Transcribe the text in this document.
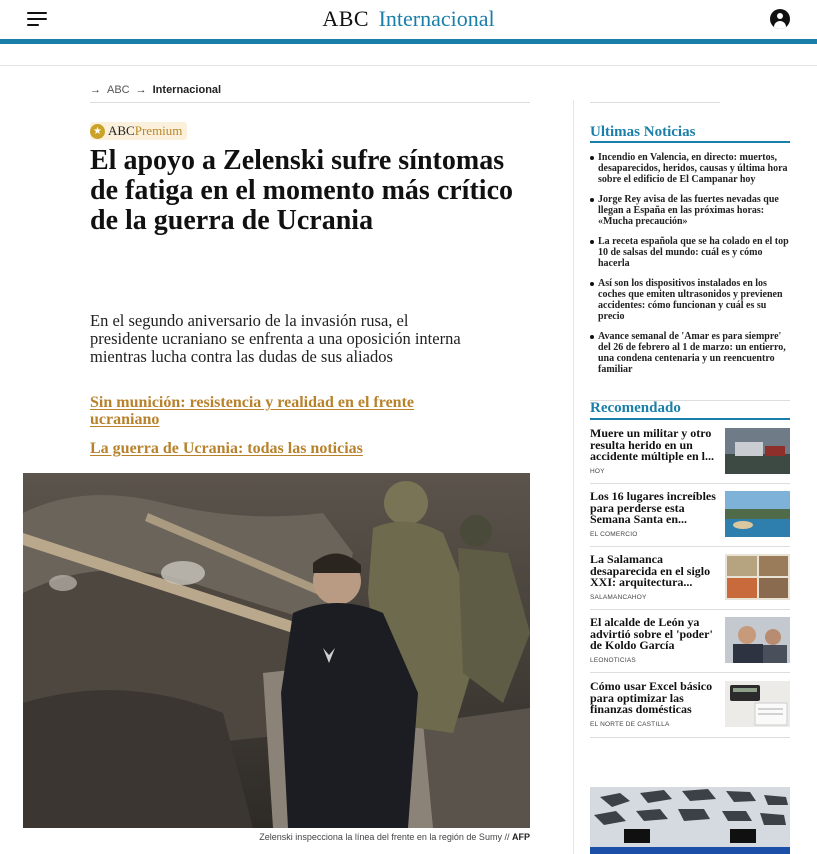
ABC Internacional
→ ABC → Internacional
★ ABC Premium
El apoyo a Zelenski sufre síntomas de fatiga en el momento más crítico de la guerra de Ucrania

En el segundo aniversario de la invasión rusa, el presidente ucraniano se enfrenta a una oposición interna mientras lucha contra las dudas de sus aliados

Sin munición: resistencia y realidad en el frente ucraniano
La guerra de Ucrania: todas las noticias
Zelenski inspecciona la línea del frente en la región de Sumy // AFP
Ultimas Noticias
Incendio en Valencia, en directo: muertos, desaparecidos, heridos, causas y última hora sobre el edificio de El Campanar hoy
Jorge Rey avisa de las fuertes nevadas que llegan a España en las próximas horas: «Mucha precaución»
La receta española que se ha colado en el top 10 de salsas del mundo: cuál es y cómo hacerla
Así son los dispositivos instalados en los coches que emiten ultrasonidos y previenen accidentes: cómo funcionan y cuál es su precio
Avance semanal de 'Amar es para siempre' del 26 de febrero al 1 de marzo: un entierro, una condena centenaria y un reencuentro familiar
Recomendado
Muere un militar y otro resulta herido en un accidente múltiple en l...
HOY
Los 16 lugares increíbles para perderse esta Semana Santa en...
EL COMERCIO
La Salamanca desaparecida en el siglo XXI: arquitectura...
SALAMANCAHOY
El alcalde de León ya advirtió sobre el 'poder' de Koldo García
LEONOTICIAS
Cómo usar Excel básico para optimizar las finanzas domésticas
EL NORTE DE CASTILLA
